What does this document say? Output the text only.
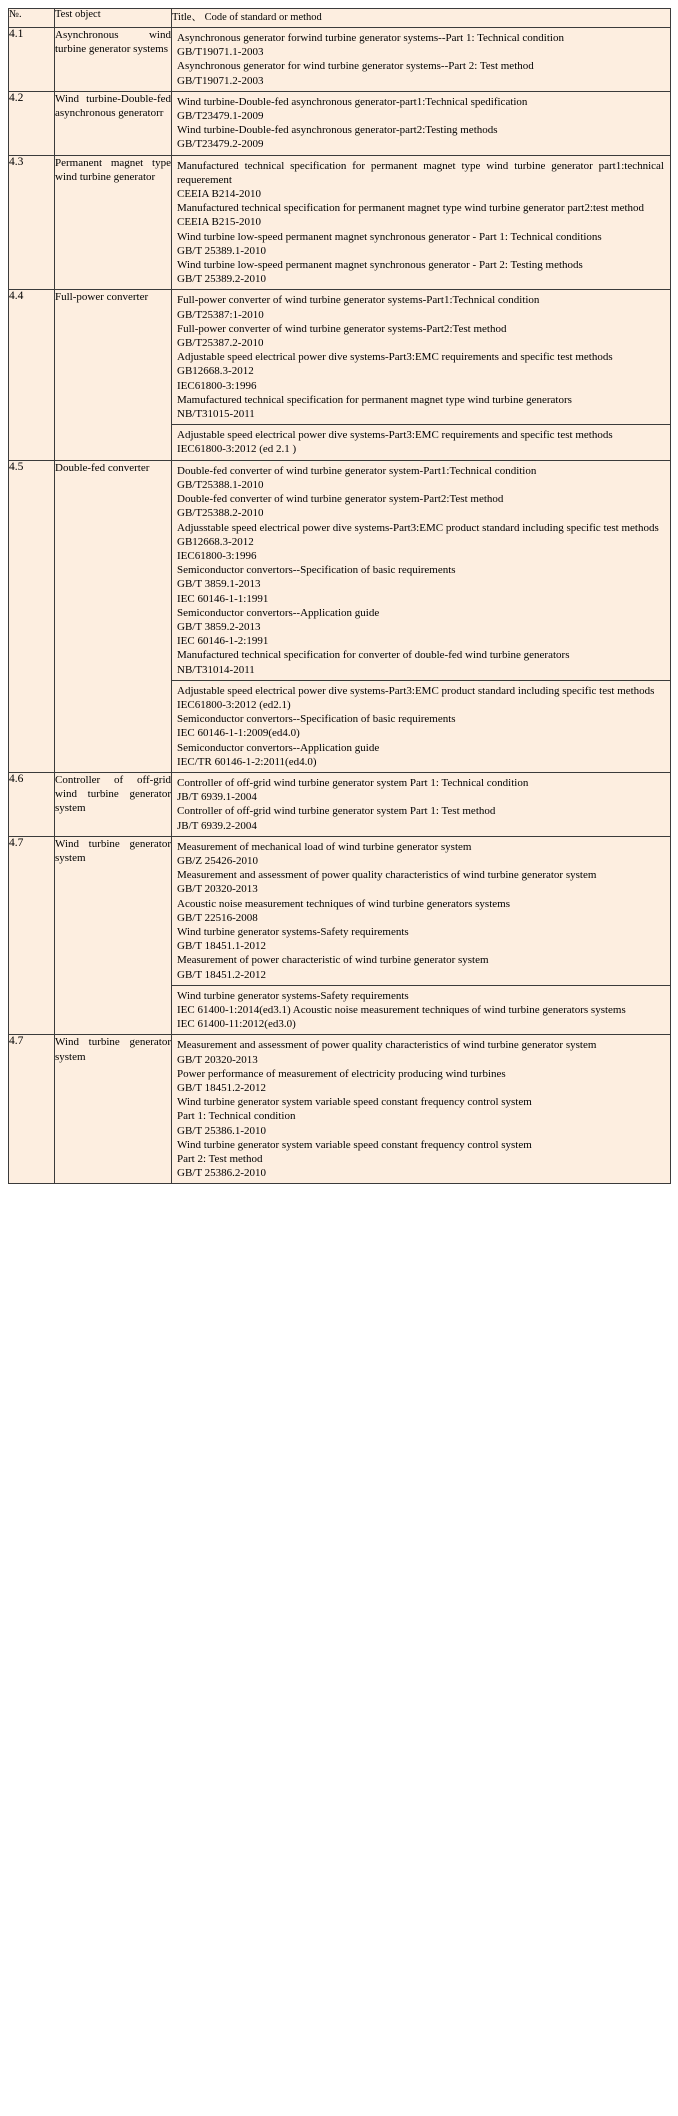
№.	Test object	Title、 Code of standard or method
4.1	Asynchronous wind turbine generator systems	Asynchronous generator forwind turbine generator systems--Part 1: Technical condition
GB/T19071.1-2003
Asynchronous generator for wind turbine generator systems--Part 2: Test method
GB/T19071.2-2003

4.2	Wind turbine-Double-fed asynchronous generatorr	Wind turbine-Double-fed asynchronous generator-part1:Technical spedification
GB/T23479.1-2009
Wind turbine-Double-fed asynchronous generator-part2:Testing methods
GB/T23479.2-2009

4.3	Permanent magnet type wind turbine generator	
Manufactured technical specification for permanent magnet type wind turbine generator part1:technical requerement
CEEIA B214-2010
Manufactured technical specification for permanent magnet type wind turbine generator part2:test method
CEEIA B215-2010
Wind turbine low-speed permanent magnet synchronous generator - Part 1: Technical conditions
GB/T 25389.1-2010
Wind turbine low-speed permanent magnet synchronous generator - Part 2: Testing methods
GB/T 25389.2-2010

4.4	Full-power converter	Full-power converter of wind turbine generator systems-Part1:Technical condition
GB/T25387:1-2010
Full-power converter of wind turbine generator systems-Part2:Test method
GB/T25387.2-2010
Adjustable speed electrical power dive systems-Part3:EMC requirements and specific test methods
GB12668.3-2012
IEC61800-3:1996
Mamufactured technical specification for permanent magnet type wind turbine generators
NB/T31015-2011
Adjustable speed electrical power dive systems-Part3:EMC requirements and specific test methods
IEC61800-3:2012 (ed 2.1 )

4.5	Double-fed converter	Double-fed converter of wind turbine generator system-Part1:Technical condition
GB/T25388.1-2010
Double-fed converter of wind turbine generator system-Part2:Test method
GB/T25388.2-2010
Adjusstable speed electrical power dive systems-Part3:EMC product standard including specific test methods
GB12668.3-2012
IEC61800-3:1996
Semiconductor convertors--Specification of basic requirements
GB/T 3859.1-2013
IEC 60146-1-1:1991
Semiconductor convertors--Application guide
GB/T 3859.2-2013
IEC 60146-1-2:1991
Manufactured technical specification for converter of double-fed wind turbine generators
NB/T31014-2011
Adjustable speed electrical power dive systems-Part3:EMC product standard including specific test methods
IEC61800-3:2012 (ed2.1)
Semiconductor convertors--Specification of basic requirements
IEC 60146-1-1:2009(ed4.0)
Semiconductor convertors--Application guide
IEC/TR 60146-1-2:2011(ed4.0)

4.6	Controller of off-grid wind turbine generator system	Controller of off-grid wind turbine generator system Part 1: Technical condition
JB/T 6939.1-2004
Controller of off-grid wind turbine generator system Part 1: Test method
JB/T 6939.2-2004

4.7	Wind turbine generator system	
Measurement of mechanical load of wind turbine generator system
GB/Z 25426-2010
Measurement and assessment of power quality characteristics of wind turbine generator system
GB/T 20320-2013
Acoustic noise measurement techniques of wind turbine generators systems
GB/T 22516-2008
Wind turbine generator systems-Safety requirements
GB/T 18451.1-2012
Measurement of power characteristic of wind turbine generator system
GB/T 18451.2-2012
Wind turbine generator systems-Safety requirements
IEC 61400-1:2014(ed3.1) Acoustic noise measurement techniques of wind turbine generators systems
IEC 61400-11:2012(ed3.0)

4.7	Wind turbine generator system	
Measurement and assessment of power quality characteristics of wind turbine generator system
GB/T 20320-2013
Power performance of measurement of electricity producing wind turbines
GB/T 18451.2-2012
Wind turbine generator system variable speed constant frequency control system
Part 1: Technical condition
GB/T 25386.1-2010
Wind turbine generator system variable speed constant frequency control system
Part 2: Test method
GB/T 25386.2-2010
